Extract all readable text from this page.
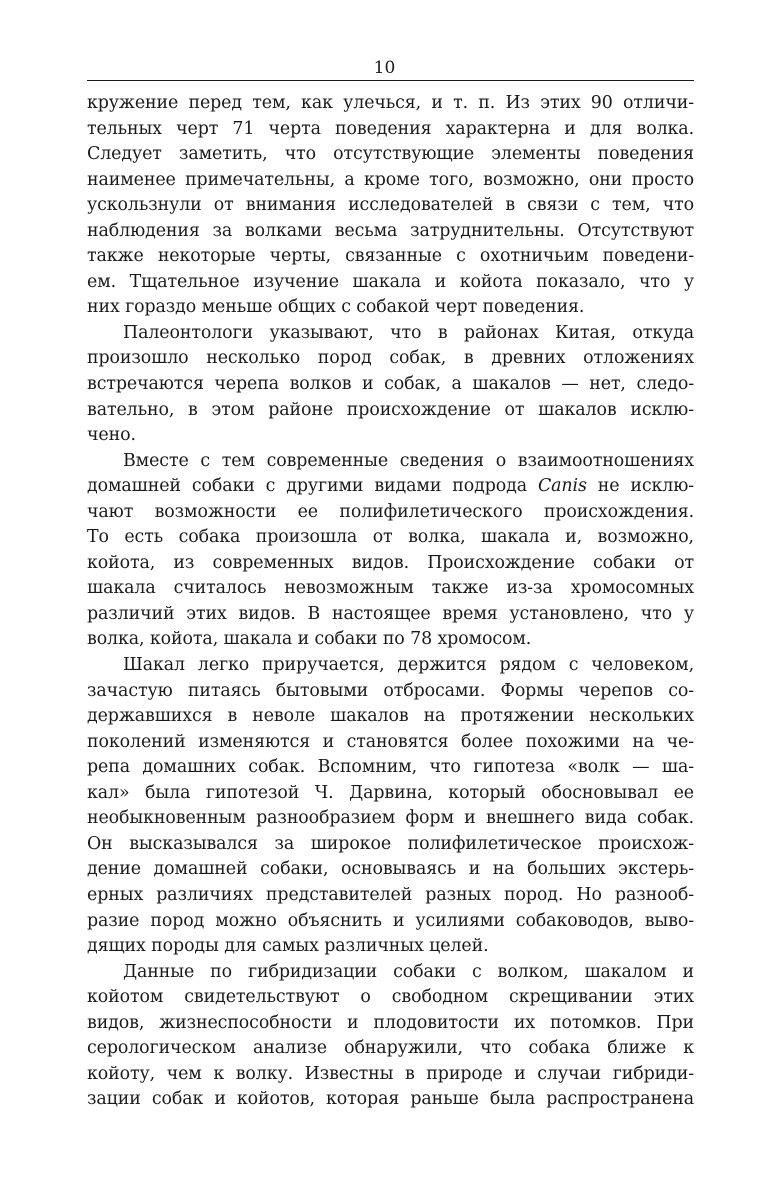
10
кружение перед тем, как улечься, и т. п. Из этих 90 отличи-
тельных черт 71 черта поведения характерна и для волка.
Следует заметить, что отсутствующие элементы поведения
наименее примечательны, а кроме того, возможно, они просто
ускользнули от внимания исследователей в связи с тем, что
наблюдения за волками весьма затруднительны. Отсутствуют
также некоторые черты, связанные с охотничьим поведени-
ем. Тщательное изучение шакала и койота показало, что у
них гораздо меньше общих с собакой черт поведения.
Палеонтологи указывают, что в районах Китая, откуда
произошло несколько пород собак, в древних отложениях
встречаются черепа волков и собак, а шакалов — нет, следо-
вательно, в этом районе происхождение от шакалов исклю-
чено.
Вместе с тем современные сведения о взаимоотношениях
домашней собаки с другими видами подрода Canis не исклю-
чают возможности ее полифилетического происхождения.
То есть собака произошла от волка, шакала и, возможно,
койота, из современных видов. Происхождение собаки от
шакала считалось невозможным также из-за хромосомных
различий этих видов. В настоящее время установлено, что у
волка, койота, шакала и собаки по 78 хромосом.
Шакал легко приручается, держится рядом с человеком,
зачастую питаясь бытовыми отбросами. Формы черепов со-
державшихся в неволе шакалов на протяжении нескольких
поколений изменяются и становятся более похожими на че-
репа домашних собак. Вспомним, что гипотеза «волк — ша-
кал» была гипотезой Ч. Дарвина, который обосновывал ее
необыкновенным разнообразием форм и внешнего вида собак.
Он высказывался за широкое полифилетическое происхож-
дение домашней собаки, основываясь и на больших экстерь-
ерных различиях представителей разных пород. Но разнооб-
разие пород можно объяснить и усилиями собаководов, выво-
дящих породы для самых различных целей.
Данные по гибридизации собаки с волком, шакалом и
койотом свидетельствуют о свободном скрещивании этих
видов, жизнеспособности и плодовитости их потомков. При
серологическом анализе обнаружили, что собака ближе к
койоту, чем к волку. Известны в природе и случаи гибриди-
зации собак и койотов, которая раньше была распространена
